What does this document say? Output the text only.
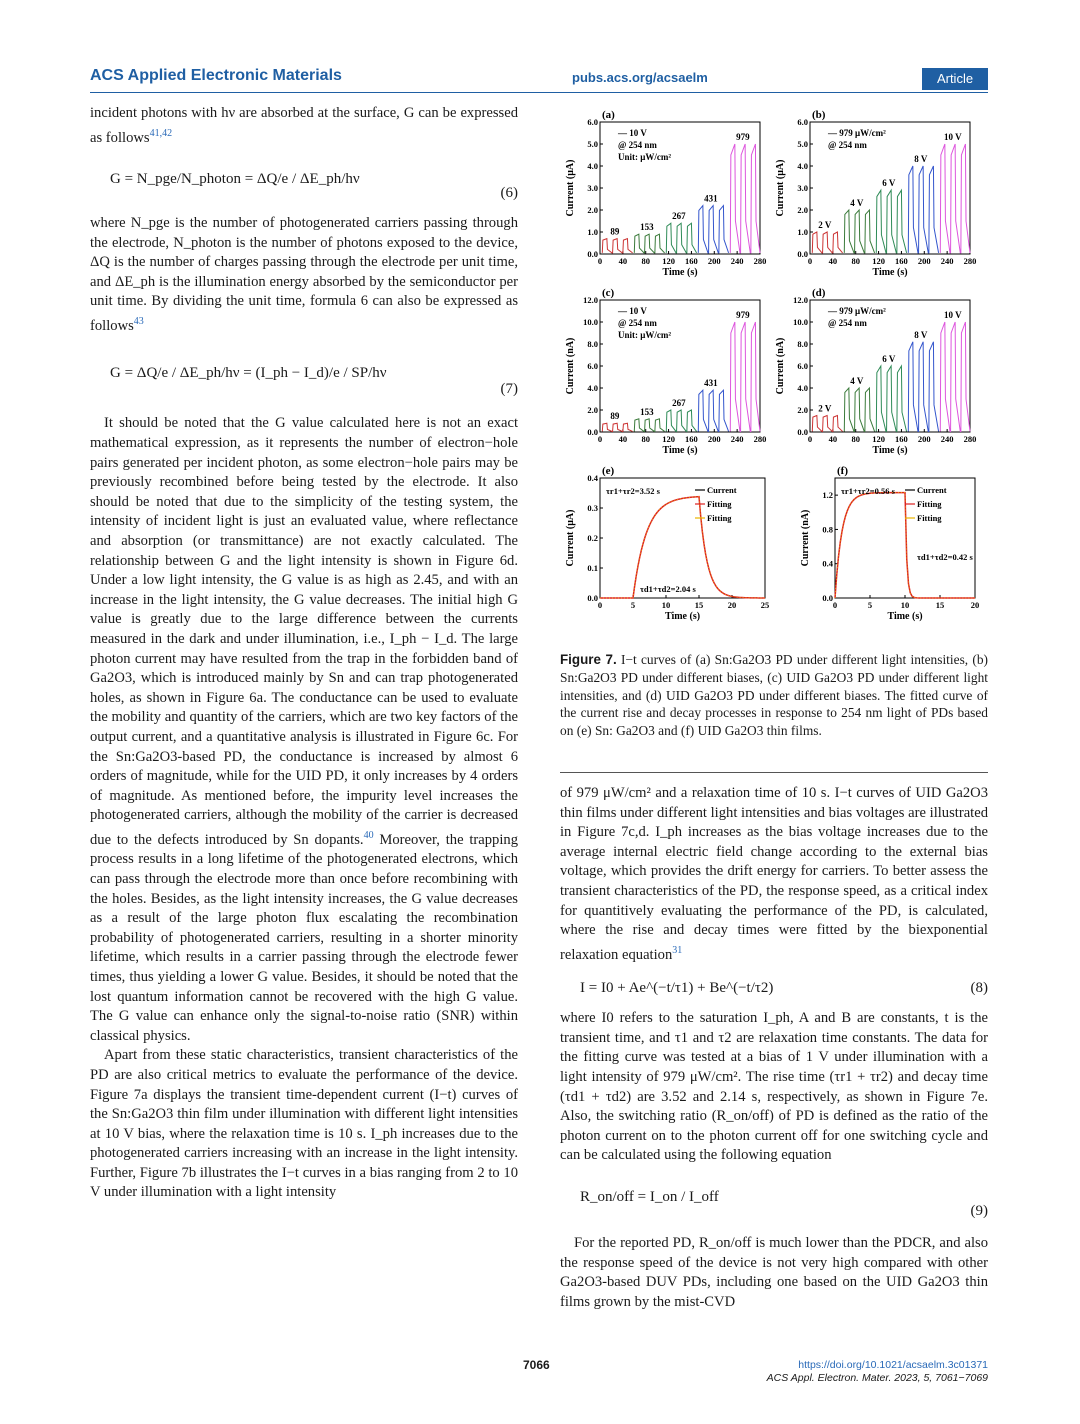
ACS Applied Electronic Materials	pubs.acs.org/acsaelm	Article

incident photons with hν are absorbed at the surface, G can be expressed as follows$^{41,42}$

G = N_pge/N_photon = ΔQ/e / ΔE_ph/hν
(6)

where N_pge is the number of photogenerated carriers passing through the electrode, N_photon is the number of photons exposed to the device, ΔQ is the number of charges passing through the electrode per unit time, and ΔE_ph is the illumination energy absorbed by the semiconductor per unit time. By dividing the unit time, formula 6 can also be expressed as follows$^{43}$

G = ΔQ/e / ΔE_ph/hν = (I_ph − I_d)/e / SP/hν
(7)

It should be noted that the G value calculated here is not an exact mathematical expression, as it represents the number of electron−hole pairs generated per incident photon, as some electron−hole pairs may be previously recombined before being tested by the electrode. It also should be noted that due to the simplicity of the testing system, the intensity of incident light is just an evaluated value, where reflectance and absorption (or transmittance) are not exactly calculated. The relationship between G and the light intensity is shown in Figure 6d. Under a low light intensity, the G value is as high as 2.45, and with an increase in the light intensity, the G value decreases. The initial high G value is greatly due to the large difference between the currents measured in the dark and under illumination, i.e., I_ph − I_d. The large photon current may have resulted from the trap in the forbidden band of Ga2O3, which is introduced mainly by Sn and can trap photogenerated holes, as shown in Figure 6a. The conductance can be used to evaluate the mobility and quantity of the carriers, which are two key factors of the output current, and a quantitative analysis is illustrated in Figure 6c. For the Sn:Ga2O3-based PD, the conductance is increased by almost 6 orders of magnitude, while for the UID PD, it only increases by 4 orders of magnitude. As mentioned before, the impurity level increases the photogenerated carriers, although the mobility of the carrier is decreased due to the defects introduced by Sn dopants.$^{40}$ Moreover, the trapping process results in a long lifetime of the photogenerated electrons, which can pass through the electrode more than once before recombining with the holes. Besides, as the light intensity increases, the G value decreases as a result of the large photon flux escalating the recombination probability of photogenerated carriers, resulting in a shorter minority lifetime, which results in a carrier passing through the electrode fewer times, thus yielding a lower G value. Besides, it should be noted that the lost quantum information cannot be recovered with the high G value. The G value can enhance only the signal-to-noise ratio (SNR) within classical physics.

Apart from these static characteristics, transient characteristics of the PD are also critical metrics to evaluate the performance of the device. Figure 7a displays the transient time-dependent current (I−t) curves of the Sn:Ga2O3 thin film under illumination with different light intensities at 10 V bias, where the relaxation time is 10 s. I_ph increases due to the photogenerated carriers increasing with an increase in the light intensity. Further, Figure 7b illustrates the I−t curves in a bias ranging from 2 to 10 V under illumination with a light intensity

(a)
0 40 80 120 160 200 240 280
0.0
1.0
2.0
3.0
4.0
5.0
6.0
Time (s)
Current (μA)
89 153
267
431
979
— 10 V
@ 254 nm
Unit: μW/cm²
(b)
0 40 80 120 160 200 240 280
0.0
1.0
2.0
3.0
4.0
5.0
6.0
Time (s)
Current (μA)
2 V
4 V
6 V
8 V
10 V
— 979 μW/cm²
@ 254 nm
(c)
0 40 80 120 160 200 240 280
0.0
2.0
4.0
6.0
8.0
10.0
12.0
Time (s)
Current (nA)
89 153
267
431
979
— 10 V
@ 254 nm
Unit: μW/cm²
(d)
0 40 80 120 160 200 240 280
0.0
2.0
4.0
6.0
8.0
10.0
12.0
Time (s)
Current (nA)
2 V
4 V
6 V
8 V
10 V
— 979 μW/cm²
@ 254 nm
(e)
0	5	10	15	20	25
0.0
0.1
0.2
0.3
0.4
Time (s)
Current (μA)
Current
Fitting
Fitting
τr1+τr2=3.52 s
τd1+τd2=2.04 s
(f)
0	5	10	15	20
0.0
0.4
0.8
1.2
Time (s)
Current (nA)
Current
Fitting
Fitting
τr1+τr2=0.56 s
τd1+τd2=0.42 s
Figure 7. I−t curves of (a) Sn:Ga2O3 PD under different light intensities, (b) Sn:Ga2O3 PD under different biases, (c) UID Ga2O3 PD under different light intensities, and (d) UID Ga2O3 PD under different biases. The fitted curve of the current rise and decay processes in response to 254 nm light of PDs based on (e) Sn: Ga2O3 and (f) UID Ga2O3 thin films.

of 979 μW/cm² and a relaxation time of 10 s. I−t curves of UID Ga2O3 thin films under different light intensities and bias voltages are illustrated in Figure 7c,d. I_ph increases as the bias voltage increases due to the average internal electric field change according to the external bias voltage, which provides the drift energy for carriers. To better assess the transient characteristics of the PD, the response speed, as a critical index for quantitively evaluating the performance of the PD, is calculated, where the rise and decay times were fitted by the biexponential relaxation equation$^{31}$

I = I0 + Ae^(−t/τ1) + Be^(−t/τ2)	(8)

where I0 refers to the saturation I_ph, A and B are constants, t is the transient time, and τ1 and τ2 are relaxation time constants. The data for the fitting curve was tested at a bias of 1 V under illumination with a light intensity of 979 μW/cm². The rise time (τr1 + τr2) and decay time (τd1 + τd2) are 3.52 and 2.14 s, respectively, as shown in Figure 7e. Also, the switching ratio (R_on/off) of PD is defined as the ratio of the photon current on to the photon current off for one switching cycle and can be calculated using the following equation

R_on/off = I_on / I_off
(9)

For the reported PD, R_on/off is much lower than the PDCR, and also the response speed of the device is not very high compared with other Ga2O3-based DUV PDs, including one based on the UID Ga2O3 thin films grown by the mist-CVD

7066	https://doi.org/10.1021/acsaelm.3c01371
ACS Appl. Electron. Mater. 2023, 5, 7061−7069
